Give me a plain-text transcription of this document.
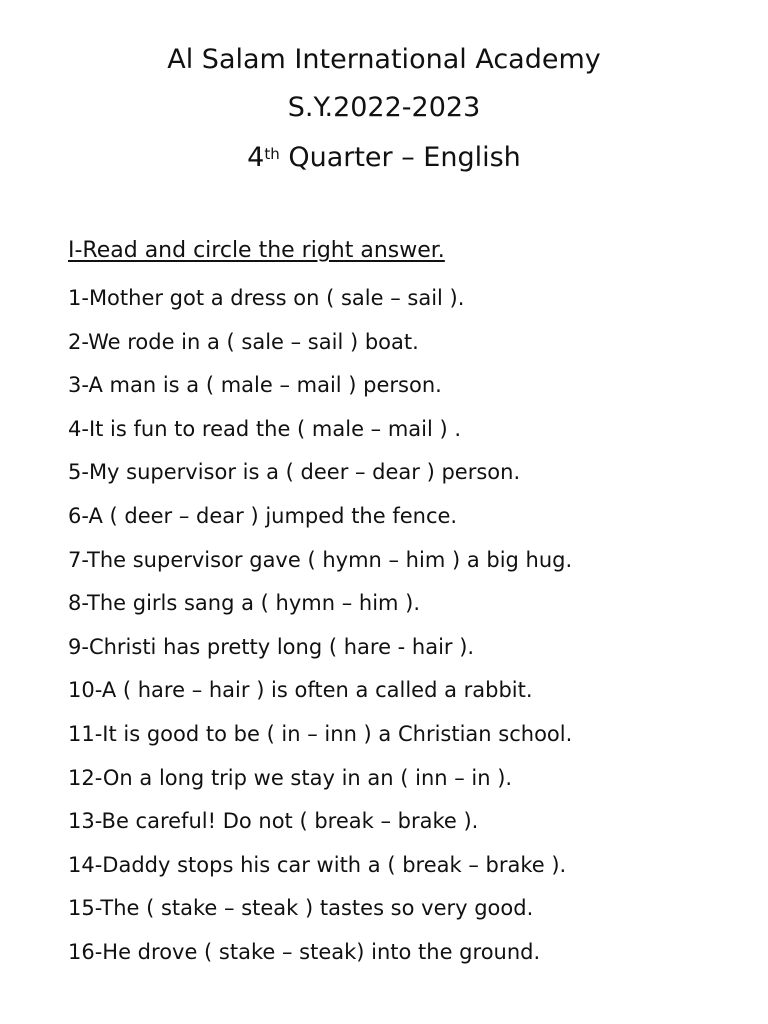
Al Salam International Academy
S.Y.2022-2023
4th Quarter – English
I-Read and circle the right answer.
1-Mother got a dress on ( sale – sail ).
2-We rode in a ( sale – sail ) boat.
3-A man is a ( male – mail ) person.
4-It is fun to read the ( male – mail ) .
5-My supervisor is a ( deer – dear ) person.
6-A ( deer – dear ) jumped the fence.
7-The supervisor gave ( hymn – him ) a big hug.
8-The girls sang a ( hymn – him ).
9-Christi has pretty long ( hare - hair ).
10-A ( hare – hair ) is often a called a rabbit.
11-It is good to be ( in – inn ) a Christian school.
12-On a long trip we stay in an ( inn – in ).
13-Be careful! Do not ( break – brake ).
14-Daddy stops his car with a ( break – brake ).
15-The ( stake – steak ) tastes so very good.
16-He drove ( stake – steak) into the ground.
